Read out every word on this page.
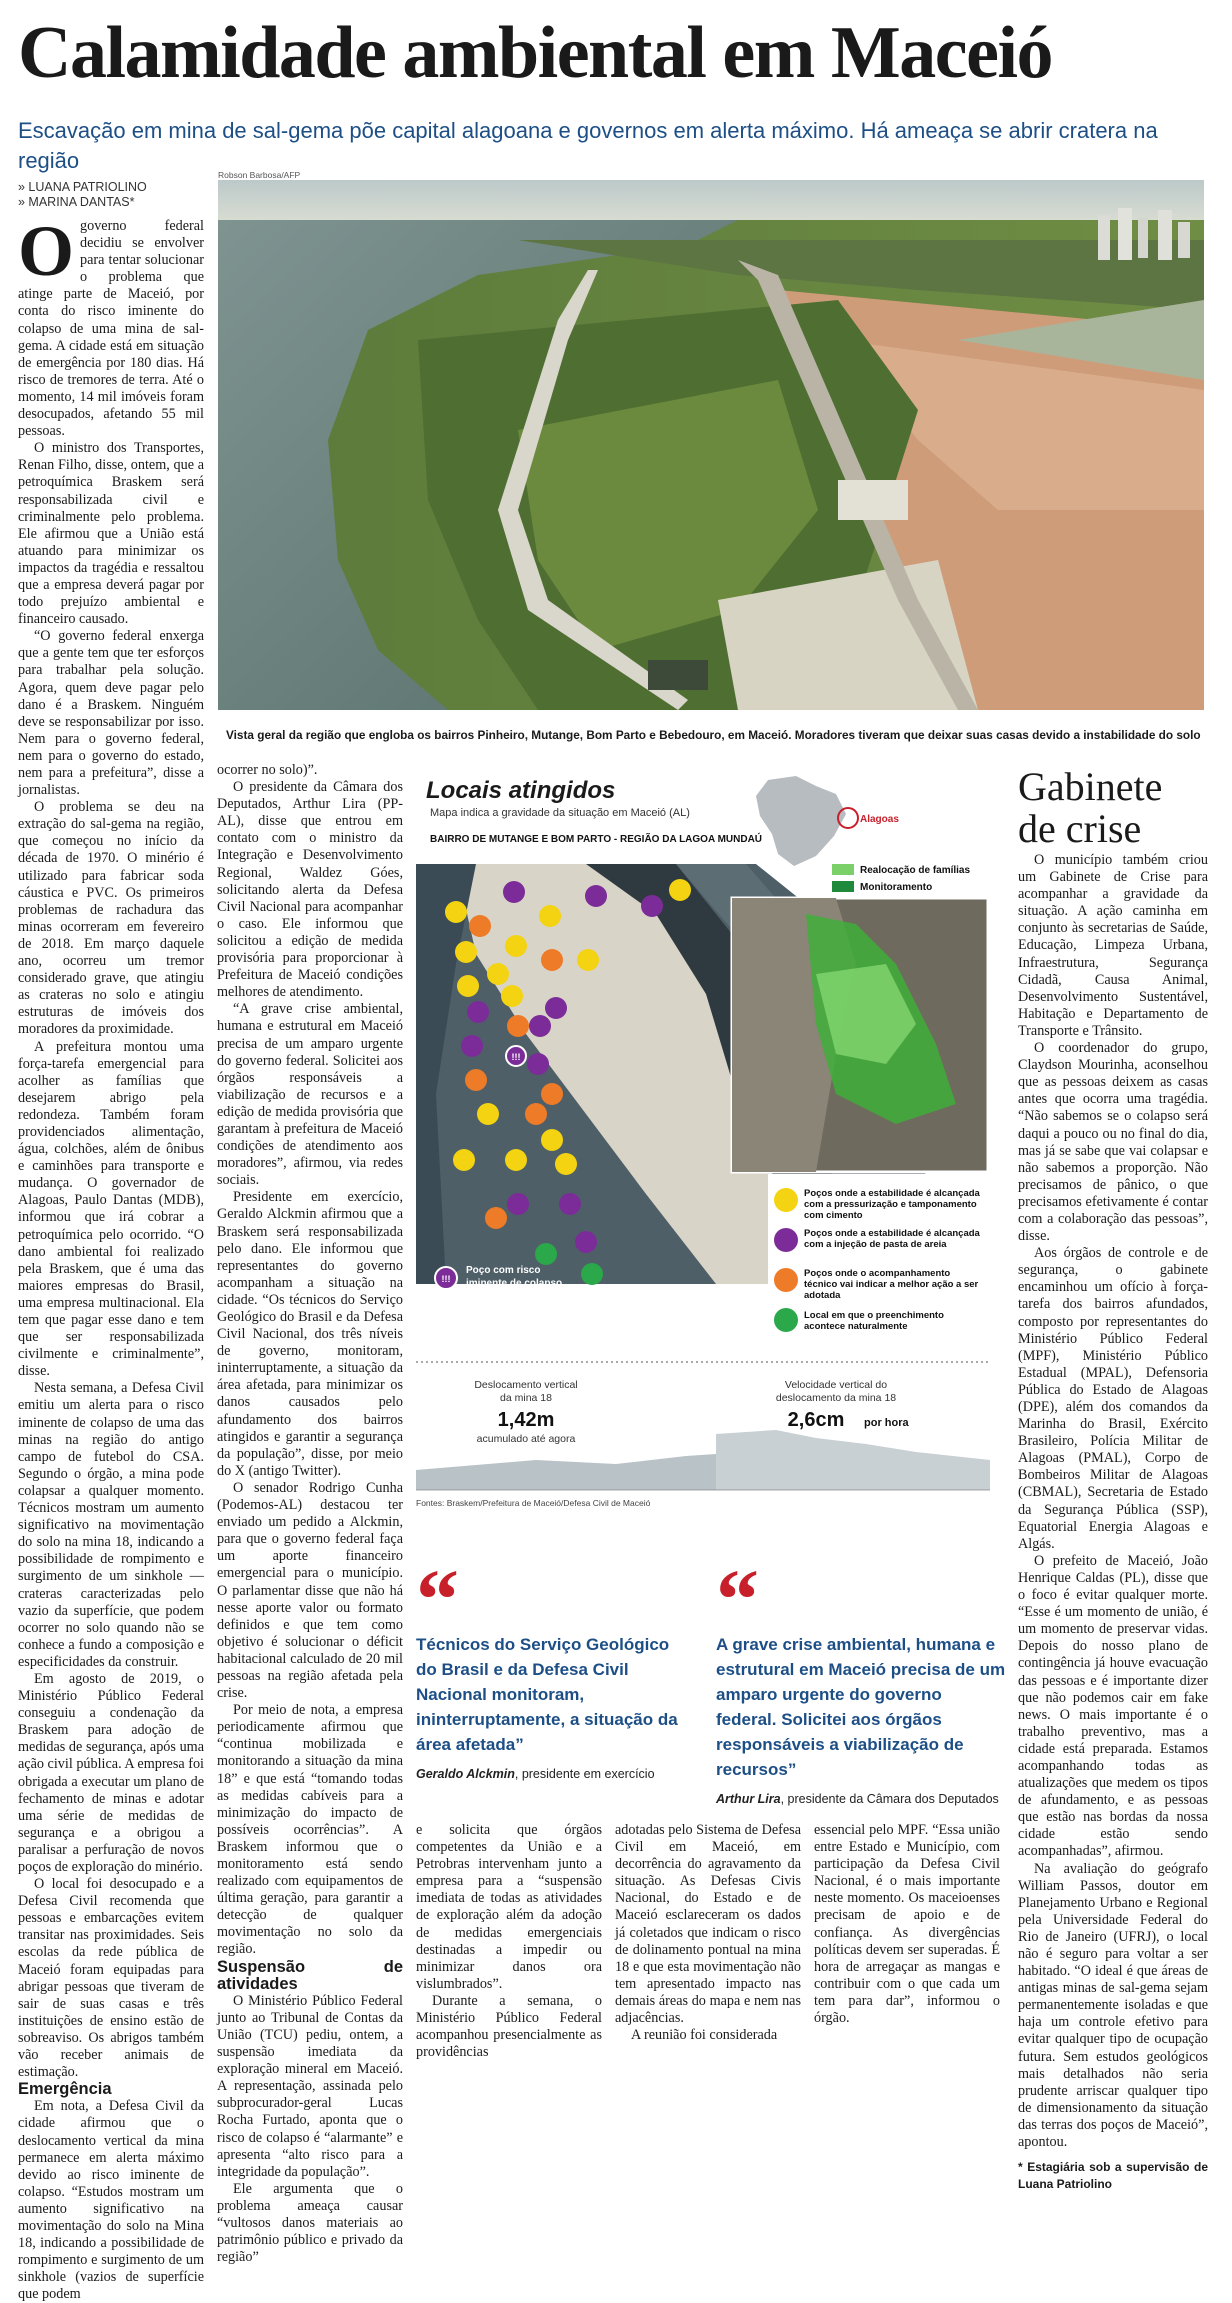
Calamidade ambiental em Maceió
Escavação em mina de sal-gema põe capital alagoana e governos em alerta máximo. Há ameaça se abrir cratera na região
» LUANA PATRIOLINO
» MARINA DANTAS*

Ogoverno federal decidiu se envolver para tentar solucionar o problema que atinge parte de Maceió, por conta do risco iminente do colapso de uma mina de sal-gema. A cidade está em situação de emergência por 180 dias. Há risco de tremores de terra. Até o momento, 14 mil imóveis foram desocupados, afetando 55 mil pessoas.

O ministro dos Transportes, Renan Filho, disse, ontem, que a petroquímica Braskem será responsabilizada civil e criminalmente pelo problema. Ele afirmou que a União está atuando para minimizar os impactos da tragédia e ressaltou que a empresa deverá pagar por todo prejuízo ambiental e financeiro causado.

“O governo federal enxerga que a gente tem que ter esforços para trabalhar pela solução. Agora, quem deve pagar pelo dano é a Braskem. Ninguém deve se responsabilizar por isso. Nem para o governo federal, nem para o governo do estado, nem para a prefeitura”, disse a jornalistas.

O problema se deu na extração do sal-gema na região, que começou no início da década de 1970. O minério é utilizado para fabricar soda cáustica e PVC. Os primeiros problemas de rachadura das minas ocorreram em fevereiro de 2018. Em março daquele ano, ocorreu um tremor considerado grave, que atingiu as crateras no solo e atingiu estruturas de imóveis dos moradores da proximidade.

A prefeitura montou uma força-tarefa emergencial para acolher as famílias que desejarem abrigo pela redondeza. Também foram providenciados alimentação, água, colchões, além de ônibus e caminhões para transporte e mudança. O governador de Alagoas, Paulo Dantas (MDB), informou que irá cobrar a petroquímica pelo ocorrido. “O dano ambiental foi realizado pela Braskem, que é uma das maiores empresas do Brasil, uma empresa multinacional. Ela tem que pagar esse dano e tem que ser responsabilizada civilmente e criminalmente”, disse.

Nesta semana, a Defesa Civil emitiu um alerta para o risco iminente de colapso de uma das minas na região do antigo campo de futebol do CSA. Segundo o órgão, a mina pode colapsar a qualquer momento. Técnicos mostram um aumento significativo na movimentação do solo na mina 18, indicando a possibilidade de rompimento e surgimento de um sinkhole — crateras caracterizadas pelo vazio da superfície, que podem ocorrer no solo quando não se conhece a fundo a composição e especificidades da construir.

Em agosto de 2019, o Ministério Público Federal conseguiu a condenação da Braskem para adoção de medidas de segurança, após uma ação civil pública. A empresa foi obrigada a executar um plano de fechamento de minas e adotar uma série de medidas de segurança e a obrigou a paralisar a perfuração de novos poços de exploração do minério.

O local foi desocupado e a Defesa Civil recomenda que pessoas e embarcações evitem transitar nas proximidades. Seis escolas da rede pública de Maceió foram equipadas para abrigar pessoas que tiveram de sair de suas casas e três instituições de ensino estão de sobreaviso. Os abrigos também vão receber animais de estimação.

Emergência

Em nota, a Defesa Civil da cidade afirmou que o deslocamento vertical da mina permanece em alerta máximo devido ao risco iminente de colapso. “Estudos mostram um aumento significativo na movimentação do solo na Mina 18, indicando a possibilidade de rompimento e surgimento de um sinkhole (vazios de superfície que podem

Robson Barbosa/AFP
Vista geral da região que engloba os bairros Pinheiro, Mutange, Bom Parto e Bebedouro, em Maceió. Moradores tiveram que deixar suas casas devido a instabilidade do solo

ocorrer no solo)”.

O presidente da Câmara dos Deputados, Arthur Lira (PP-AL), disse que entrou em contato com o ministro da Integração e Desenvolvimento Regional, Waldez Góes, solicitando alerta da Defesa Civil Nacional para acompanhar o caso. Ele informou que solicitou a edição de medida provisória para proporcionar à Prefeitura de Maceió condições melhores de atendimento.

“A grave crise ambiental, humana e estrutural em Maceió precisa de um amparo urgente do governo federal. Solicitei aos órgãos responsáveis a viabilização de recursos e a edição de medida provisória que garantam à prefeitura de Maceió condições de atendimento aos moradores”, afirmou, via redes sociais.

Presidente em exercício, Geraldo Alckmin afirmou que a Braskem será responsabilizada pelo dano. Ele informou que representantes do governo acompanham a situação na cidade. “Os técnicos do Serviço Geológico do Brasil e da Defesa Civil Nacional, dos três níveis de governo, monitoram, ininterruptamente, a situação da área afetada, para minimizar os danos causados pelo afundamento dos bairros atingidos e garantir a segurança da população”, disse, por meio do X (antigo Twitter).

O senador Rodrigo Cunha (Podemos-AL) destacou ter enviado um pedido a Alckmin, para que o governo federal faça um aporte financeiro emergencial para o município. O parlamentar disse que não há nesse aporte valor ou formato definidos e que tem como objetivo é solucionar o déficit habitacional calculado de 20 mil pessoas na região afetada pela crise.

Por meio de nota, a empresa periodicamente afirmou que “continua mobilizada e monitorando a situação da mina 18” e que está “tomando todas as medidas cabíveis para a minimização do impacto de possíveis ocorrências”. A Braskem informou que o monitoramento está sendo realizado com equipamentos de última geração, para garantir a detecção de qualquer movimentação no solo da região.

Suspensão de atividades

O Ministério Público Federal junto ao Tribunal de Contas da União (TCU) pediu, ontem, a suspensão imediata da exploração mineral em Maceió. A representação, assinada pelo subprocurador-geral Lucas Rocha Furtado, aponta que o risco de colapso é “alarmante” e apresenta “alto risco para a integridade da população”.

Ele argumenta que o problema ameaça causar “vultosos danos materiais ao patrimônio público e privado da região”

Locais atingidos
Mapa indica a gravidade da situação em Maceió (AL)
BAIRRO DE MUTANGE E BOM PARTO - REGIÃO DA LAGOA MUNDAÚ
Alagoas
Realocação de famílias
Monitoramento
!!!
!!!
Poço com risco
iminente de colapso
Poços onde a estabilidade é alcançada com a pressurização e tamponamento com cimento
Poços onde a estabilidade é alcançada com a injeção de pasta de areia
Poços onde o acompanhamento técnico vai indicar a melhor ação a ser adotada
Local em que o preenchimento acontece naturalmente
Deslocamento vertical
da mina 18
1,42m
acumulado até agora
Velocidade vertical do
deslocamento da mina 18
2,6cm por hora
Fontes: Braskem/Prefeitura de Maceió/Defesa Civil de Maceió
“
Técnicos do Serviço Geológico do Brasil e da Defesa Civil Nacional monitoram, ininterruptamente, a situação da área afetada”
Geraldo Alckmin, presidente em exercício
“
A grave crise ambiental, humana e estrutural em Maceió precisa de um amparo urgente do governo federal. Solicitei aos órgãos responsáveis a viabilização de recursos”
Arthur Lira, presidente da Câmara dos Deputados

e solicita que órgãos competentes da União e a Petrobras intervenham junto a empresa para a “suspensão imediata de todas as atividades de exploração além da adoção de medidas emergenciais destinadas a impedir ou minimizar danos ora vislumbrados”.

Durante a semana, o Ministério Público Federal acompanhou presencialmente as providências

adotadas pelo Sistema de Defesa Civil em Maceió, em decorrência do agravamento da situação. As Defesas Civis Nacional, do Estado e de Maceió esclareceram os dados já coletados que indicam o risco de dolinamento pontual na mina 18 e que esta movimentação não tem apresentado impacto nas demais áreas do mapa e nem nas adjacências.

A reunião foi considerada

essencial pelo MPF. “Essa união entre Estado e Município, com participação da Defesa Civil Nacional, é o mais importante neste momento. Os maceioenses precisam de apoio e de confiança. As divergências políticas devem ser superadas. É hora de arregaçar as mangas e contribuir com o que cada um tem para dar”, informou o órgão.

Gabinete de crise

O município também criou um Gabinete de Crise para acompanhar a gravidade da situação. A ação caminha em conjunto às secretarias de Saúde, Educação, Limpeza Urbana, Infraestrutura, Segurança Cidadã, Causa Animal, Desenvolvimento Sustentável, Habitação e Departamento de Transporte e Trânsito.

O coordenador do grupo, Claydson Mourinha, aconselhou que as pessoas deixem as casas antes que ocorra uma tragédia. “Não sabemos se o colapso será daqui a pouco ou no final do dia, mas já se sabe que vai colapsar e não sabemos a proporção. Não precisamos de pânico, o que precisamos efetivamente é contar com a colaboração das pessoas”, disse.

Aos órgãos de controle e de segurança, o gabinete encaminhou um ofício à força-tarefa dos bairros afundados, composto por representantes do Ministério Público Federal (MPF), Ministério Público Estadual (MPAL), Defensoria Pública do Estado de Alagoas (DPE), além dos comandos da Marinha do Brasil, Exército Brasileiro, Polícia Militar de Alagoas (PMAL), Corpo de Bombeiros Militar de Alagoas (CBMAL), Secretaria de Estado da Segurança Pública (SSP), Equatorial Energia Alagoas e Algás.

O prefeito de Maceió, João Henrique Caldas (PL), disse que o foco é evitar qualquer morte. “Esse é um momento de união, é um momento de preservar vidas. Depois do nosso plano de contingência já houve evacuação das pessoas e é importante dizer que não podemos cair em fake news. O mais importante é o trabalho preventivo, mas a cidade está preparada. Estamos acompanhando todas as atualizações que medem os tipos de afundamento, e as pessoas que estão nas bordas da nossa cidade estão sendo acompanhadas”, afirmou.

Na avaliação do geógrafo William Passos, doutor em Planejamento Urbano e Regional pela Universidade Federal do Rio de Janeiro (UFRJ), o local não é seguro para voltar a ser habitado. “O ideal é que áreas de antigas minas de sal-gema sejam permanentemente isoladas e que haja um controle efetivo para evitar qualquer tipo de ocupação futura. Sem estudos geológicos mais detalhados não seria prudente arriscar qualquer tipo de dimensionamento da situação das terras dos poços de Maceió”, apontou.

* Estagiária sob a supervisão de Luana Patriolino
